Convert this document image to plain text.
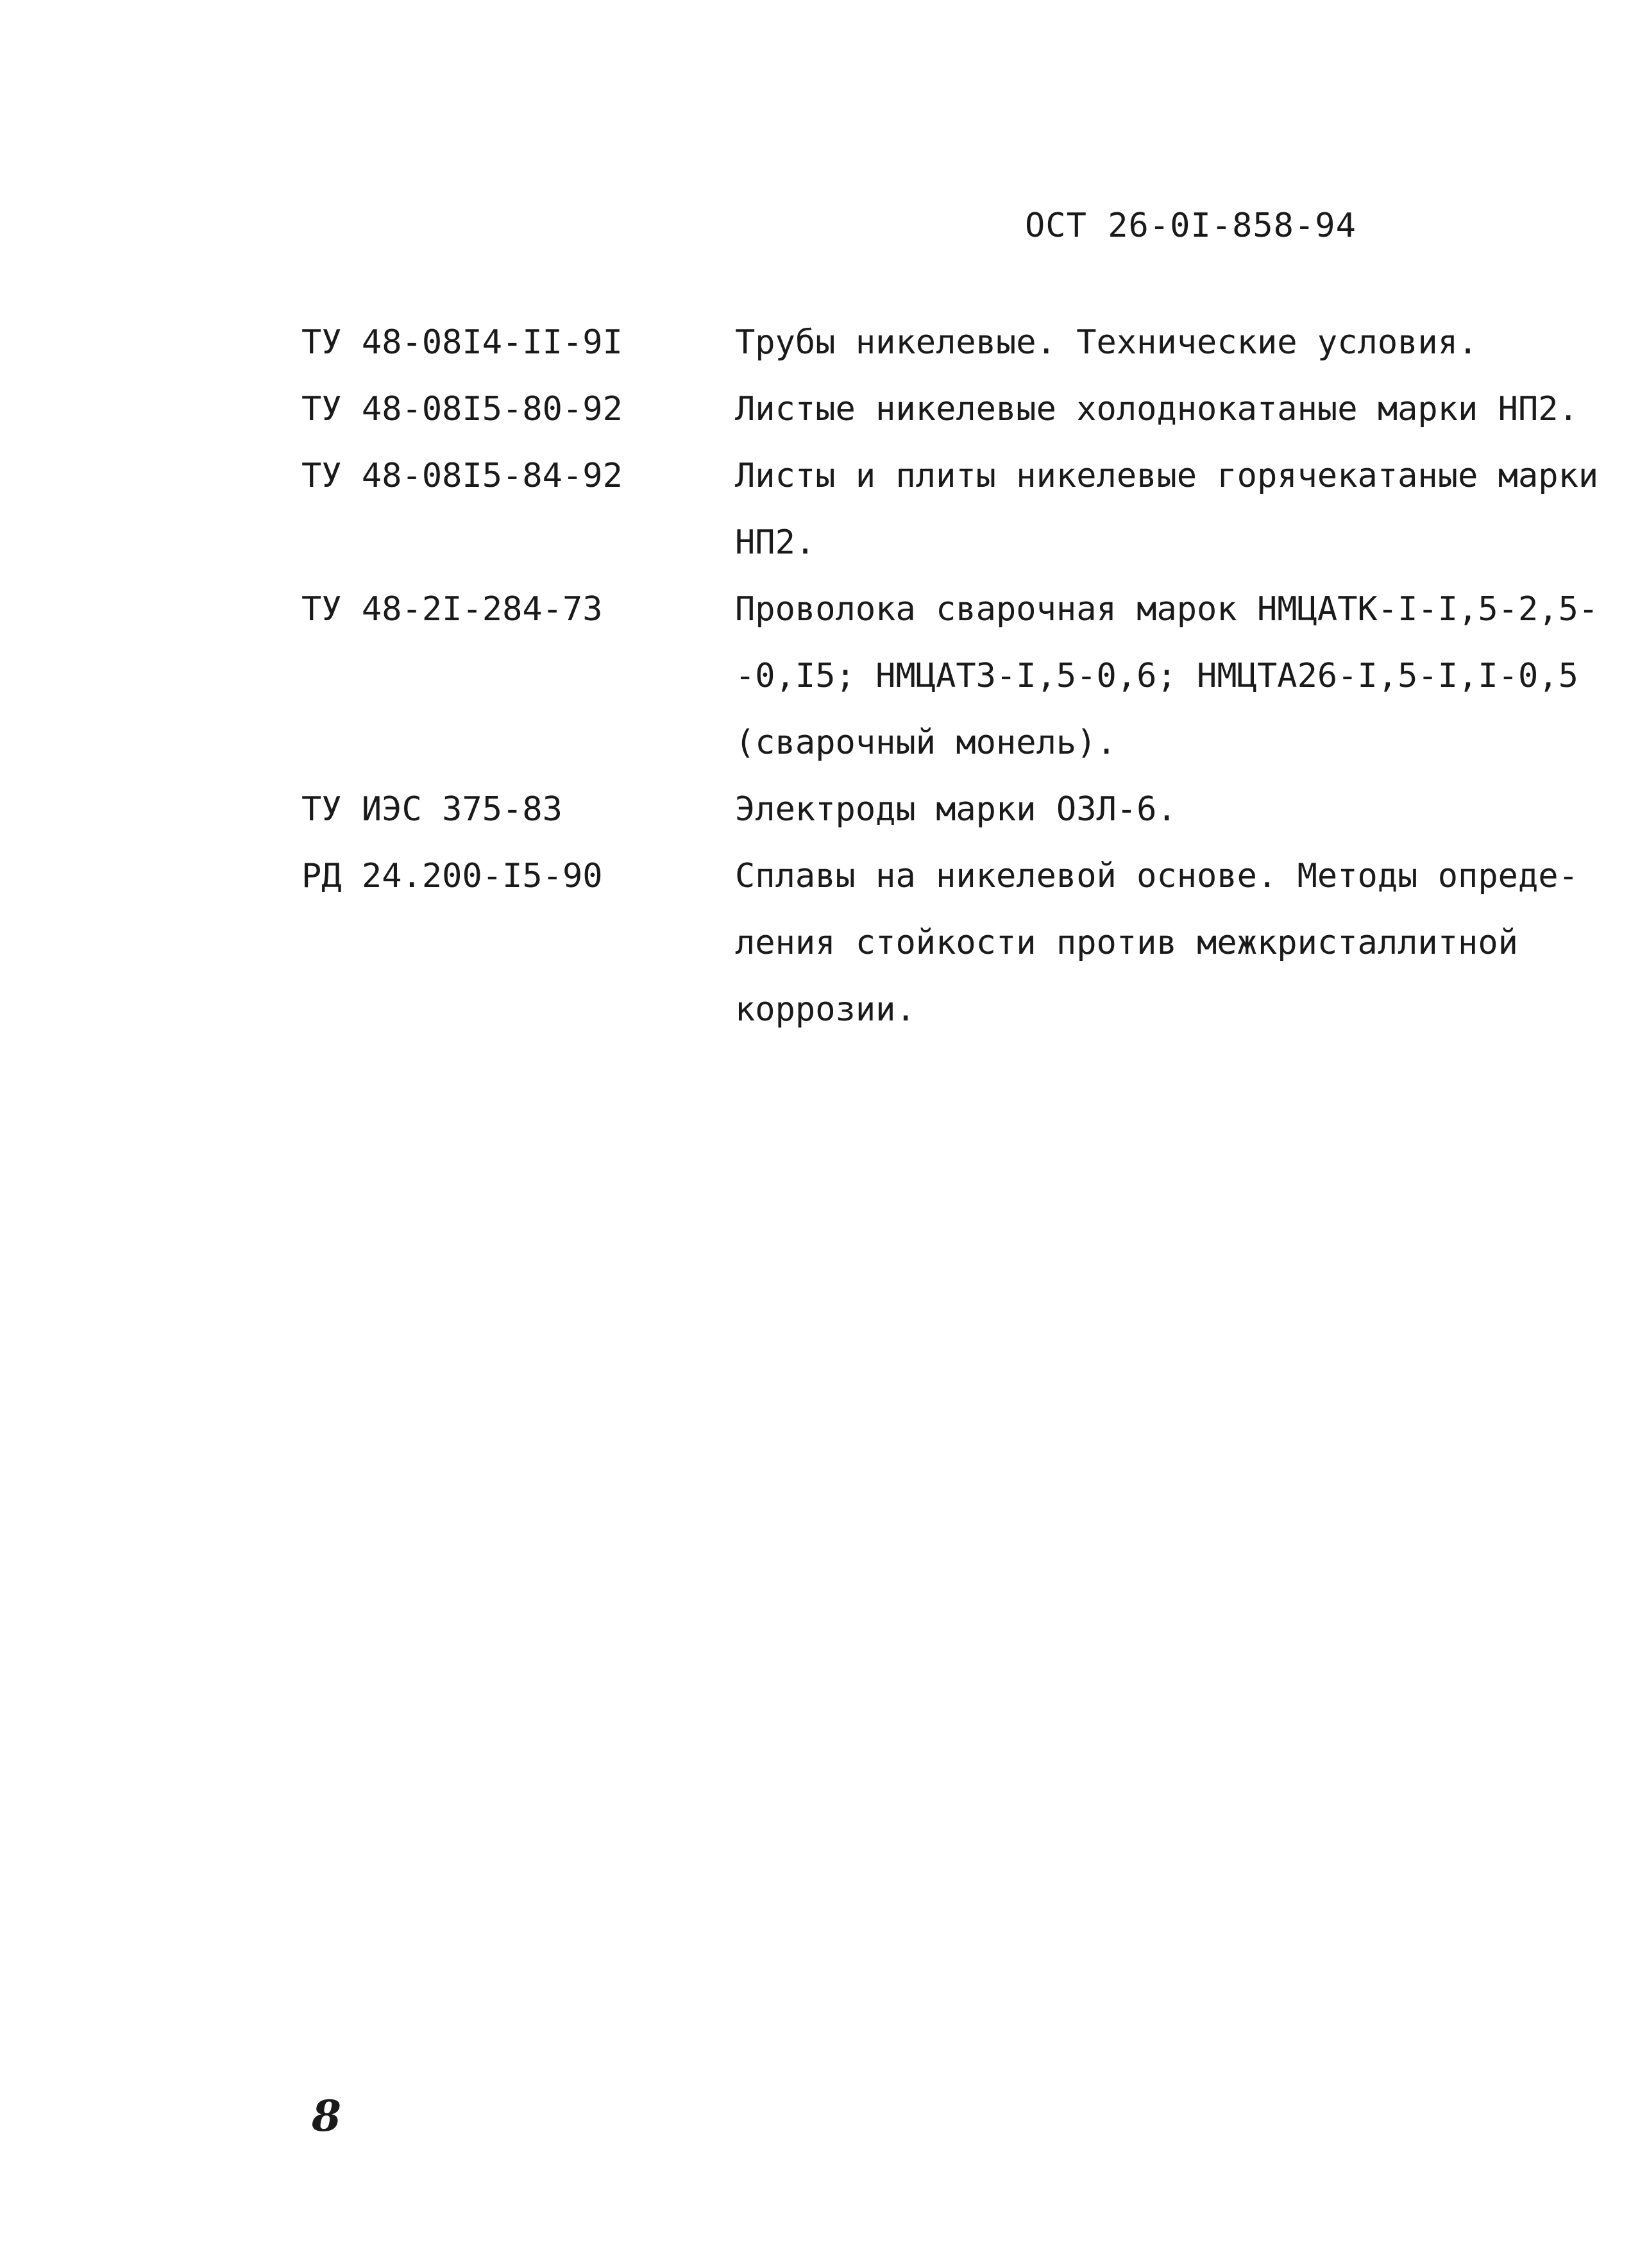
ОСТ 26-0I-858-94
ТУ 48-08I4-II-9I	Трубы никелевые. Технические условия.
ТУ 48-08I5-80-92	Листые никелевые холоднокатаные марки НП2.
ТУ 48-08I5-84-92	Листы и плиты никелевые горячекатаные марки
НП2.
ТУ 48-2I-284-73	Проволока сварочная марок НМЦАТК-I-I,5-2,5-
-0,I5; НМЦАТЗ-I,5-0,6; НМЦТА26-I,5-I,I-0,5
(сварочный монель).
ТУ ИЭС 375-83	Электроды марки ОЗЛ-6.
РД 24.200-I5-90	Сплавы на никелевой основе. Методы опреде-
ления стойкости против межкристаллитной
коррозии.
8
